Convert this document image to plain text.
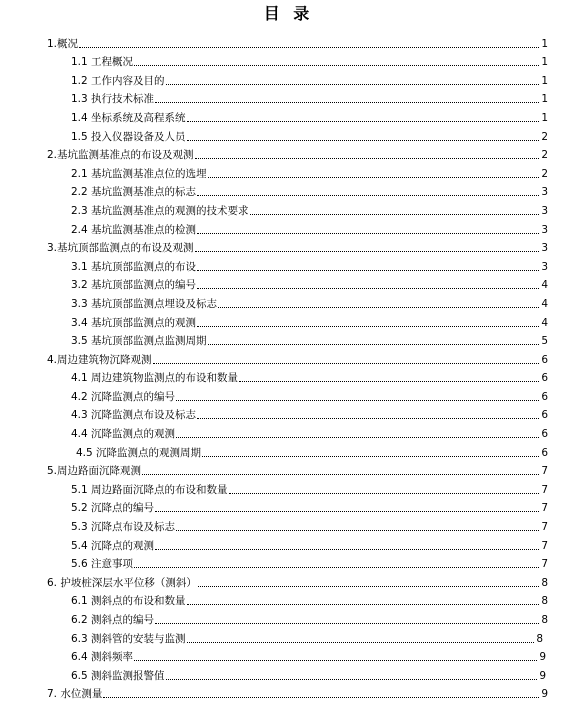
目 录
1.概况	1
1.1 工程概况	1
1.2 工作内容及目的	1
1.3 执行技术标准	1
1.4 坐标系统及高程系统	1
1.5 投入仪器设备及人员	2
2.基坑监测基准点的布设及观测	2
2.1 基坑监测基准点位的选埋	2
2.2 基坑监测基准点的标志	3
2.3 基坑监测基准点的观测的技术要求	3
2.4 基坑监测基准点的检测	3
3.基坑顶部监测点的布设及观测	3
3.1 基坑顶部监测点的布设	3
3.2 基坑顶部监测点的编号	4
3.3 基坑顶部监测点埋设及标志	4
3.4 基坑顶部监测点的观测	4
3.5 基坑顶部监测点监测周期	5
4.周边建筑物沉降观测	6
4.1 周边建筑物监测点的布设和数量	6
4.2 沉降监测点的编号	6
4.3 沉降监测点布设及标志	6
4.4 沉降监测点的观测	6
4.5 沉降监测点的观测周期	6
5.周边路面沉降观测	7
5.1 周边路面沉降点的布设和数量	7
5.2 沉降点的编号	7
5.3 沉降点布设及标志	7
5.4 沉降点的观测	7
5.6 注意事项	7
6. 护坡桩深层水平位移（测斜）	8
6.1 测斜点的布设和数量	8
6.2 测斜点的编号	8
6.3 测斜管的安装与监测	8
6.4 测斜频率	9
6.5 测斜监测报警值	9
7. 水位测量	9
